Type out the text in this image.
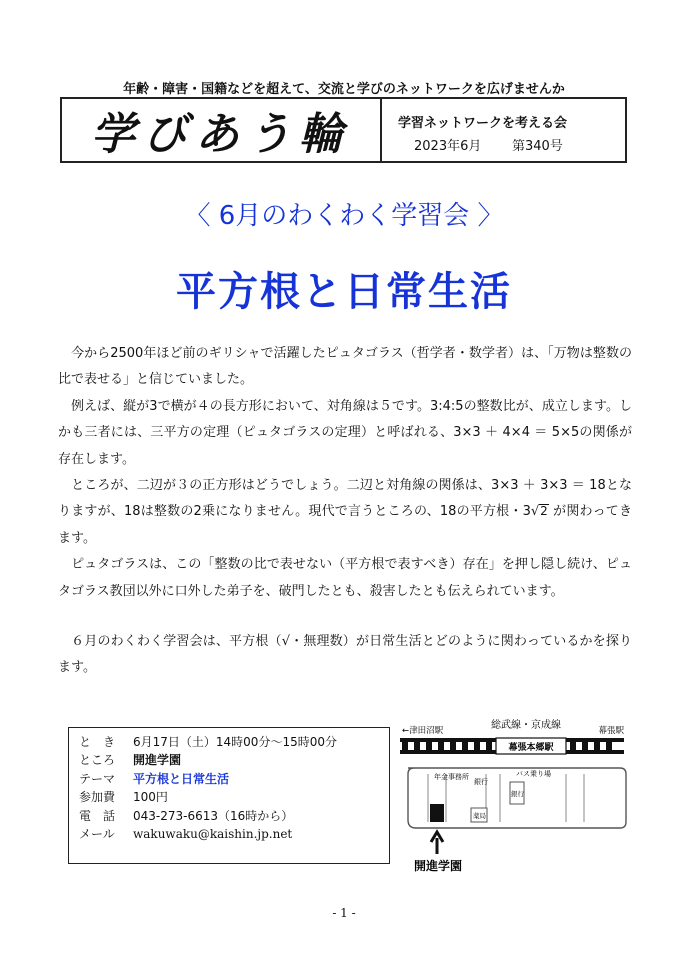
年齢・障害・国籍などを超えて、交流と学びのネットワークを広げませんか
学びあう輪	学習ネットワークを考える会
2023年6月 第340号
〈 6月のわくわく学習会 〉
平方根と日常生活

　今から2500年ほど前のギリシャで活躍したピュタゴラス（哲学者・数学者）は、「万物は整数の比で表せる」と信じていました。

　例えば、縦が3で横が４の長方形において、対角線は５です。3:4:5の整数比が、成立します。しかも三者には、三平方の定理（ピュタゴラスの定理）と呼ばれる、3×3 ＋ 4×4 ＝ 5×5の関係が存在します。

　ところが、二辺が３の正方形はどうでしょう。二辺と対角線の関係は、3×3 ＋ 3×3 ＝ 18となりますが、18は整数の2乗になりません。現代で言うところの、18の平方根・3√2 が関わってきます。

　ピュタゴラスは、この「整数の比で表せない（平方根で表すべき）存在」を押し隠し続け、ピュタゴラス教団以外に口外した弟子を、破門したとも、殺害したとも伝えられています。

　６月のわくわく学習会は、平方根（√・無理数）が日常生活とどのように関わっているかを探ります。

と　き	6月17日（土）14時00分～15時00分
ところ	開進学園
テーマ	平方根と日常生活
参加費	100円
電　話	043-273-6613（16時から）
メール	wakuwaku@kaishin.jp.net
幕張本郷駅
←津田沼駅	総武線・京成線	幕張駅
年金事務所
銀行
バス乗り場
銀行
薬局
開進学園
- 1 -
